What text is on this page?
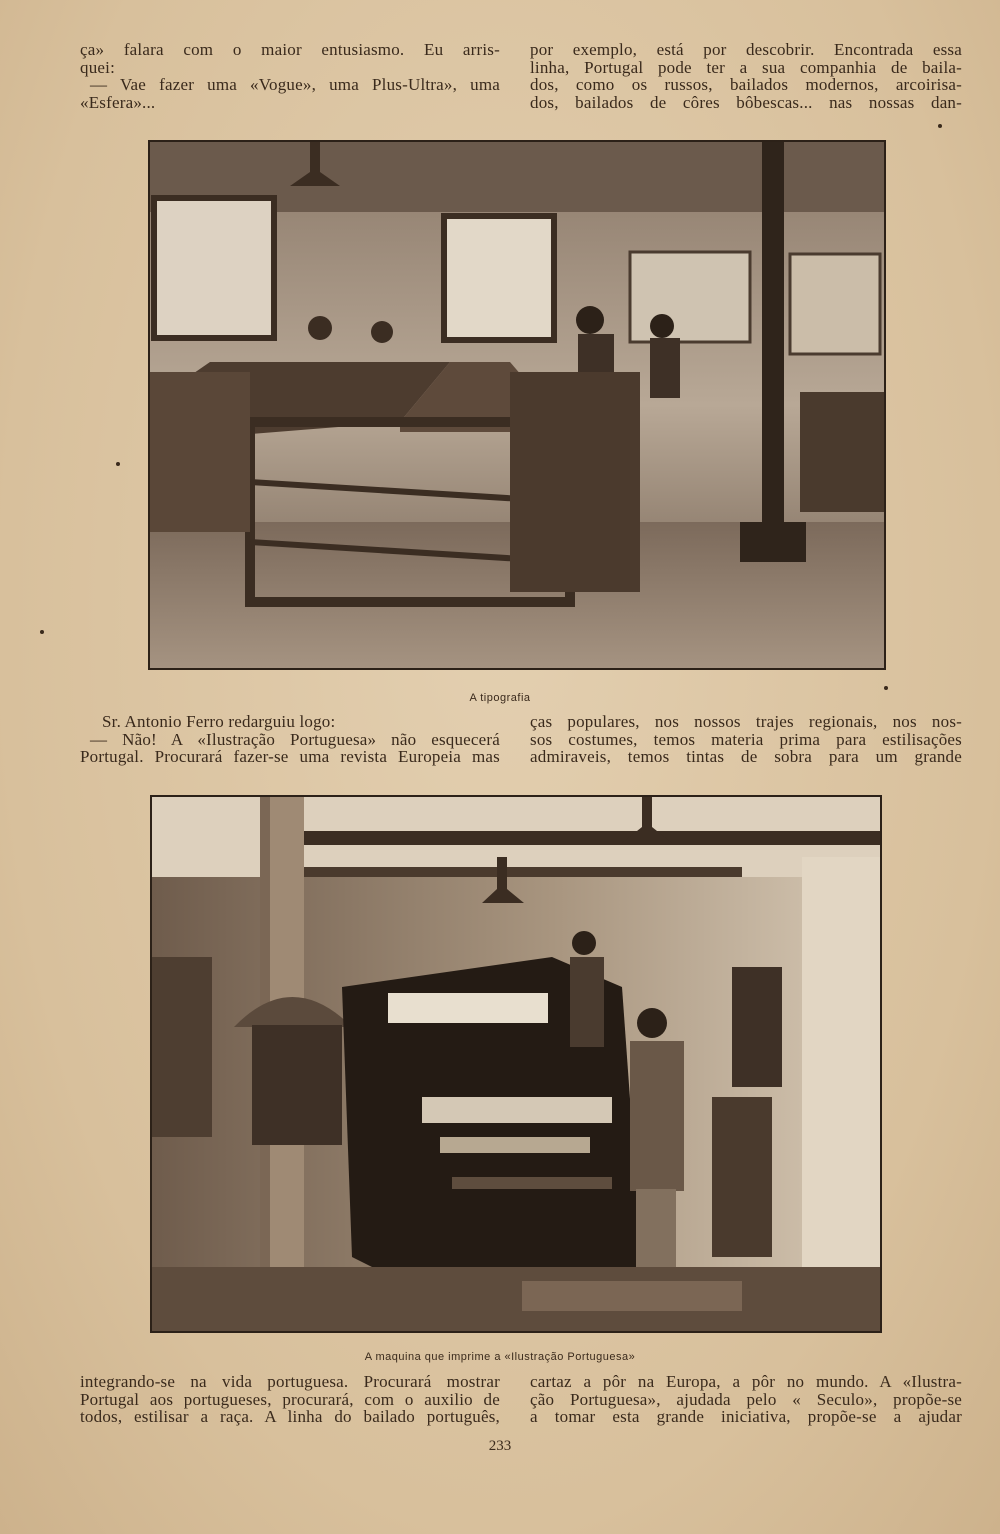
ça» falara com o maior entusiasmo. Eu arris-

quei:

— Vae fazer uma «Vogue», uma Plus-Ultra», uma

«Esfera»...

por exemplo, está por descobrir. Encontrada essa

linha, Portugal pode ter a sua companhia de baila-

dos, como os russos, bailados modernos, arcoirisa-

dos, bailados de côres bôbescas... nas nossas dan-

A tipografia

Sr. Antonio Ferro redarguiu logo:

— Não! A «Ilustração Portuguesa» não esquecerá

Portugal. Procurará fazer-se uma revista Europeia mas

ças populares, nos nossos trajes regionais, nos nos-

sos costumes, temos materia prima para estilisações

admiraveis, temos tintas de sobra para um grande

A maquina que imprime a «Ilustração Portuguesa»

integrando-se na vida portuguesa. Procurará mostrar

Portugal aos portugueses, procurará, com o auxilio de

todos, estilisar a raça. A linha do bailado português,

cartaz a pôr na Europa, a pôr no mundo. A «Ilustra-

ção Portuguesa», ajudada pelo « Seculo», propõe-se

a tomar esta grande iniciativa, propõe-se a ajudar

233
